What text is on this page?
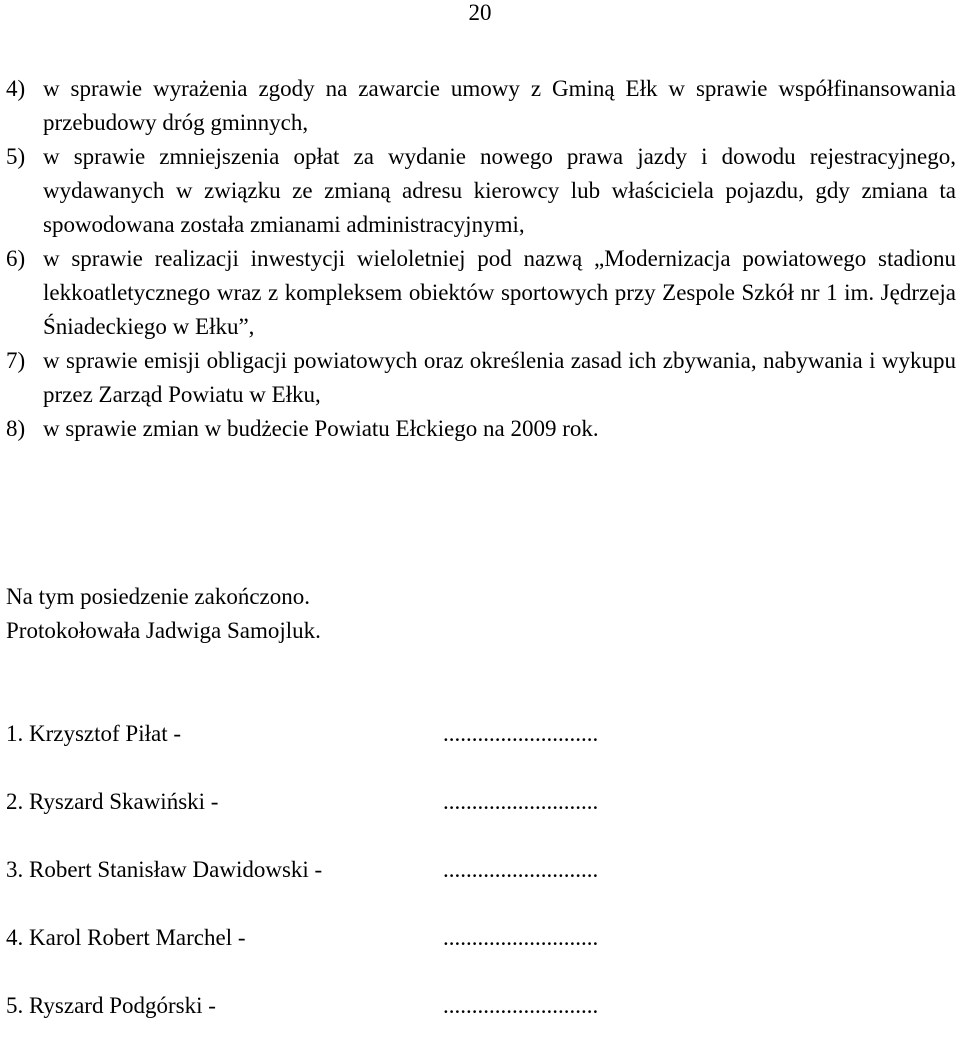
20
4) w sprawie wyrażenia zgody na zawarcie umowy z Gminą Ełk w sprawie współfinansowania przebudowy dróg gminnych,
5) w sprawie zmniejszenia opłat za wydanie nowego prawa jazdy i dowodu rejestracyjnego, wydawanych w związku ze zmianą adresu kierowcy lub właściciela pojazdu, gdy zmiana ta spowodowana została zmianami administracyjnymi,
6) w sprawie realizacji inwestycji wieloletniej pod nazwą „Modernizacja powiatowego stadionu lekkoatletycznego wraz z kompleksem obiektów sportowych przy Zespole Szkół nr 1 im. Jędrzeja Śniadeckiego w Ełku”,
7) w sprawie emisji obligacji powiatowych oraz określenia zasad ich zbywania, nabywania i wykupu przez Zarząd Powiatu w Ełku,
8) w sprawie zmian w budżecie Powiatu Ełckiego na 2009 rok.
Na tym posiedzenie zakończono.
Protokołowała Jadwiga Samojluk.
1. Krzysztof Piłat -	...........................
2. Ryszard Skawiński -	...........................
3. Robert Stanisław Dawidowski -	...........................
4. Karol Robert Marchel -	...........................
5. Ryszard Podgórski -	...........................
